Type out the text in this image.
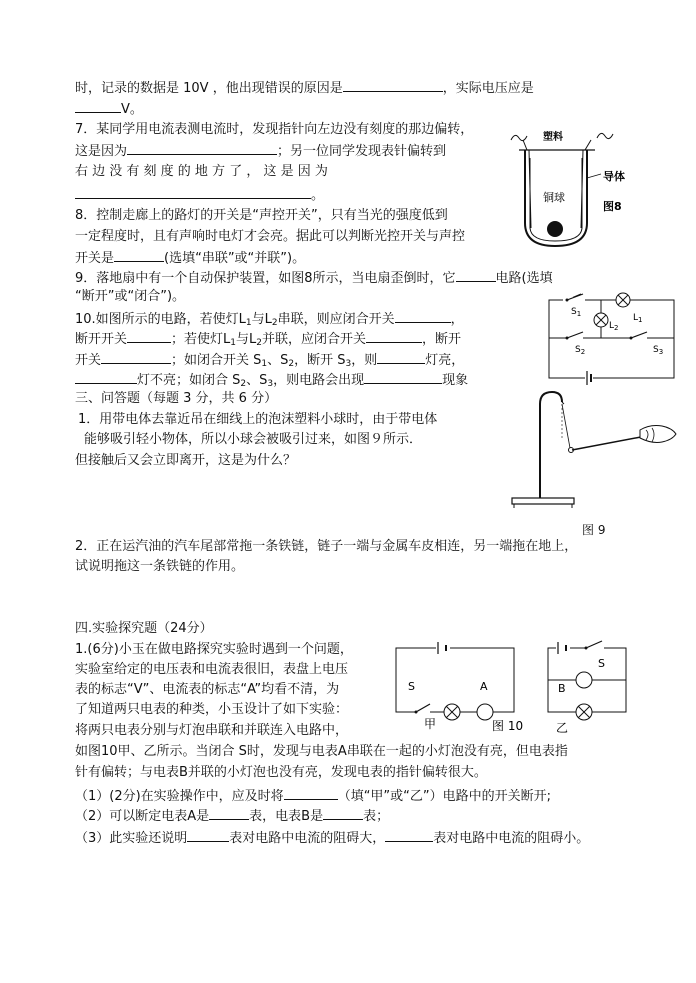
时，记录的数据是 10V ，他出现错误的原因是	，实际电压应是
V。
7．某同学用电流表测电流时，发现指针向左边没有刻度的那边偏转，
这是因为	；另一位同学发现表针偏转到
右 边 没 有 刻 度 的 地 方 了 ， 这 是 因 为
。
8．控制走廊上的路灯的开关是“声控开关”，只有当光的强度低到
一定程度时，且有声响时电灯才会亮。据此可以判断光控开关与声控
开关是	(选填“串联”或“并联”)。
9．落地扇中有一个自动保护装置，如图8所示，当电扇歪倒时，它	电路(选填
“断开”或“闭合”)。
10.如图所示的电路，若使灯$L_1$与$L_2$串联，则应闭合开关	，
断开开关	；若使灯$L_1$与$L_2$并联，应闭合开关	，断开
开关	；如闭合开关 $S_1$、$S_2$，断开 $S_3$，则	灯亮，
灯不亮；如闭合 $S_2$、$S_3$，则电路会出现	现象
三、问答题（每题 3 分，共 6 分）
1．用带电体去靠近吊在细线上的泡沫塑料小球时，由于带电体
能够吸引轻小物体，所以小球会被吸引过来，如图９所示．
但接触后又会立即离开，这是为什么？
图 9
2．正在运汽油的汽车尾部常拖一条铁链，链子一端与金属车皮相连，另一端拖在地上，
试说明拖这一条铁链的作用。
四.实验探究题（24分）
1.(6分)小玉在做电路探究实验时遇到一个问题，
实验室给定的电压表和电流表很旧，表盘上电压
表的标志“V”、电流表的标志“A”均看不清，为
了知道两只电表的种类，小玉设计了如下实验：
将两只电表分别与灯泡串联和并联连入电路中，
如图10甲、乙所示。当闭合 S时，发现与电表A串联在一起的小灯泡没有亮，但电表指
针有偏转；与电表B并联的小灯泡也没有亮，发现电表的指针偏转很大。
（1）(2分)在实验操作中，应及时将	（填“甲”或“乙”）电路中的开关断开;
（2）可以断定电表A是	表，电表B是	表；
（3）此实验还说明	表对电路中电流的阻碍大，	表对电路中电流的阻碍小。
塑料
铜球
导体
图8
$S_1$	$L_1$
$L_2$
$S_2$	$S_3$
S	A
甲	图 10
S
B
乙
